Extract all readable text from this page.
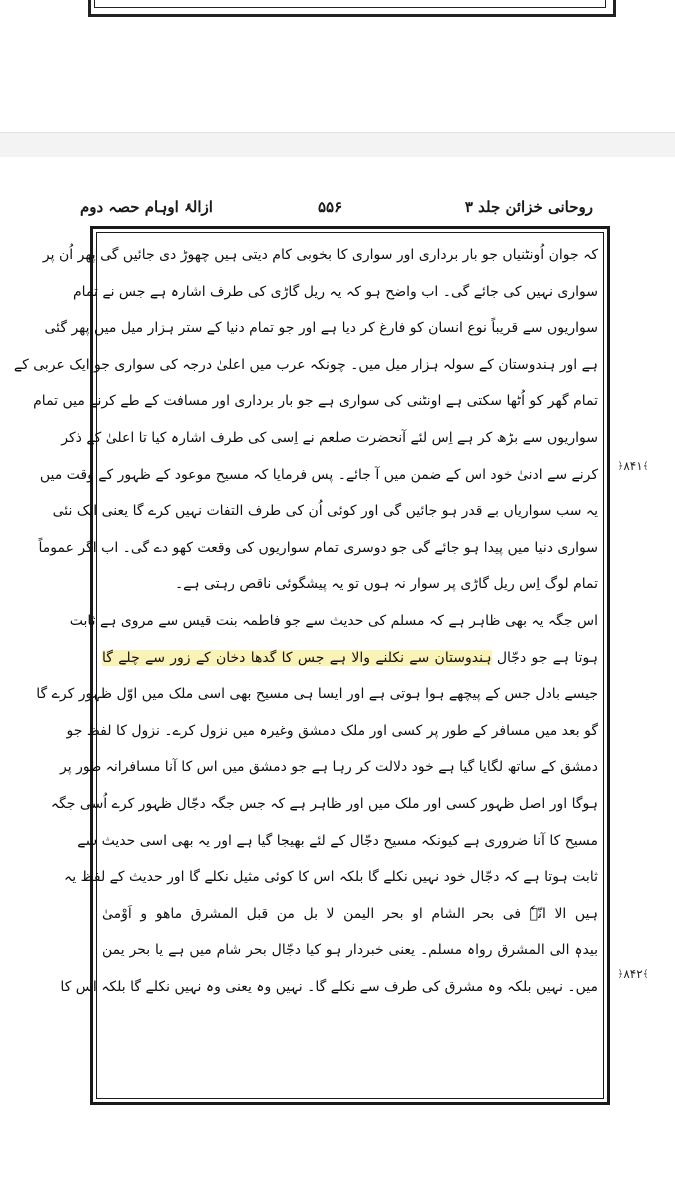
روحانی خزائن جلد ۳
۵۵۶
ازالۂ اوہام حصہ دوم
کہ جوان اُونٹنیاں جو بار برداری اور سواری کا بخوبی کام دیتی ہیں چھوڑ دی جائیں گی پھر اُن پر
سواری نہیں کی جائے گی۔ اب واضح ہو کہ یہ ریل گاڑی کی طرف اشارہ ہے جس نے تمام
سواریوں سے قریباً نوع انسان کو فارغ کر دیا ہے اور جو تمام دنیا کے ستر ہزار میل میں پھر گئی
ہے اور ہندوستان کے سولہ ہزار میل میں۔ چونکہ عرب میں اعلیٰ درجہ کی سواری جو ایک عربی کے
تمام گھر کو اُٹھا سکتی ہے اونٹنی کی سواری ہے جو بار برداری اور مسافت کے طے کرنے میں تمام
سواریوں سے بڑھ کر ہے اِس لئے آنحضرت صلعم نے اِسی کی طرف اشارہ کیا تا اعلیٰ کے ذکر
کرنے سے ادنیٰ خود اس کے ضمن میں آ جائے۔ پس فرمایا کہ مسیح موعود کے ظہور کے وقت میں
یہ سب سواریاں بے قدر ہو جائیں گی اور کوئی اُن کی طرف التفات نہیں کرے گا یعنی ایک نئی
سواری دنیا میں پیدا ہو جائے گی جو دوسری تمام سواریوں کی وقعت کھو دے گی۔ اب اگر عموماً
تمام لوگ اِس ریل گاڑی پر سوار نہ ہوں تو یہ پیشگوئی ناقص رہتی ہے۔
اس جگہ یہ بھی ظاہر ہے کہ مسلم کی حدیث سے جو فاطمہ بنت قیس سے مروی ہے ثابت
ہوتا ہے جو دجّال ہندوستان سے نکلنے والا ہے جس کا گدھا دخان کے زور سے چلے گا
جیسے بادل جس کے پیچھے ہوا ہوتی ہے اور ایسا ہی مسیح بھی اسی ملک میں اوّل ظہور کرے گا
گو بعد میں مسافر کے طور پر کسی اور ملک دمشق وغیرہ میں نزول کرے۔ نزول کا لفظ جو
دمشق کے ساتھ لگایا گیا ہے خود دلالت کر رہا ہے جو دمشق میں اس کا آنا مسافرانہ طور پر
ہوگا اور اصل ظہور کسی اور ملک میں اور ظاہر ہے کہ جس جگہ دجّال ظہور کرے اُسی جگہ
مسیح کا آنا ضروری ہے کیونکہ مسیح دجّال کے لئے بھیجا گیا ہے اور یہ بھی اسی حدیث سے
ثابت ہوتا ہے کہ دجّال خود نہیں نکلے گا بلکہ اس کا کوئی مثیل نکلے گا اور حدیث کے لفظ یہ
ہیں الا انّہٗ فی بحر الشام او بحر الیمن لا بل من قبل المشرق ماھو و اَوْمیٰ
بیدہٖ الی المشرق رواہ مسلم۔ یعنی خبردار ہو کیا دجّال بحر شام میں ہے یا بحر یمن
میں۔ نہیں بلکہ وہ مشرق کی طرف سے نکلے گا۔ نہیں وہ یعنی وہ نہیں نکلے گا بلکہ اس کا
﴾
۸۴۱
﴿
﴾
۸۴۲
﴿
